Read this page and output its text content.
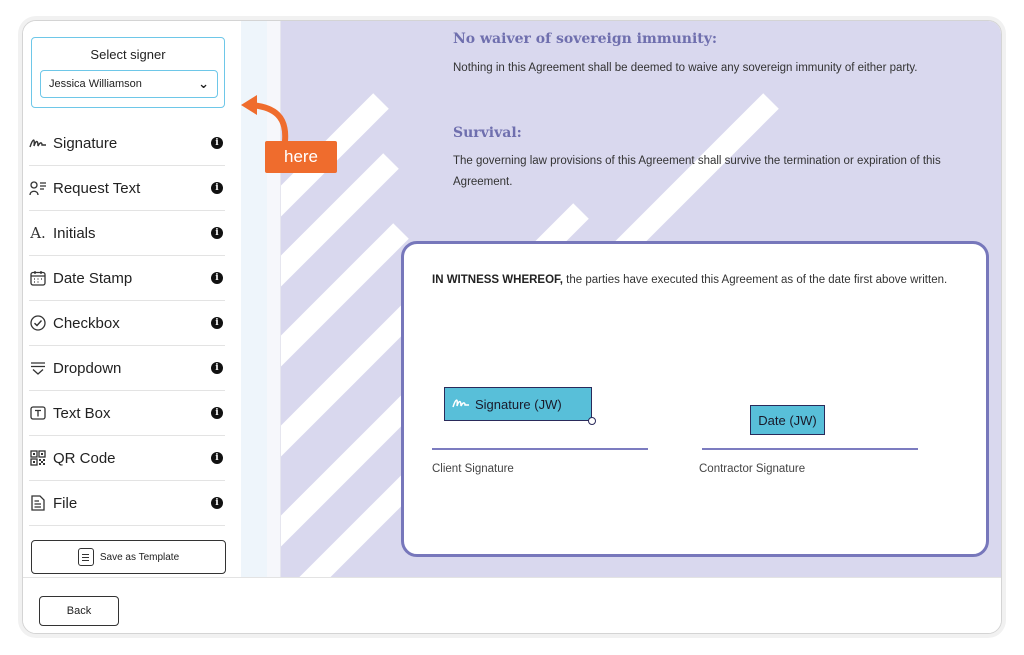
Select signer
Jessica Williamson	⌄
Signature	i
Request Text	i
A. Initials	i
Date Stamp	i
Checkbox	i
Dropdown	i
Text Box	i
QR Code	i
File	i
Save as Template
No waiver of sovereign immunity:
Nothing in this Agreement shall be deemed to waive any sovereign immunity of either party.
Survival:
The governing law provisions of this Agreement shall survive the termination or expiration of this Agreement.
IN WITNESS WHEREOF, the parties have executed this Agreement as of the date first above written.
Signature (JW)
Date (JW)
Client Signature	Contractor Signature
Back
here
